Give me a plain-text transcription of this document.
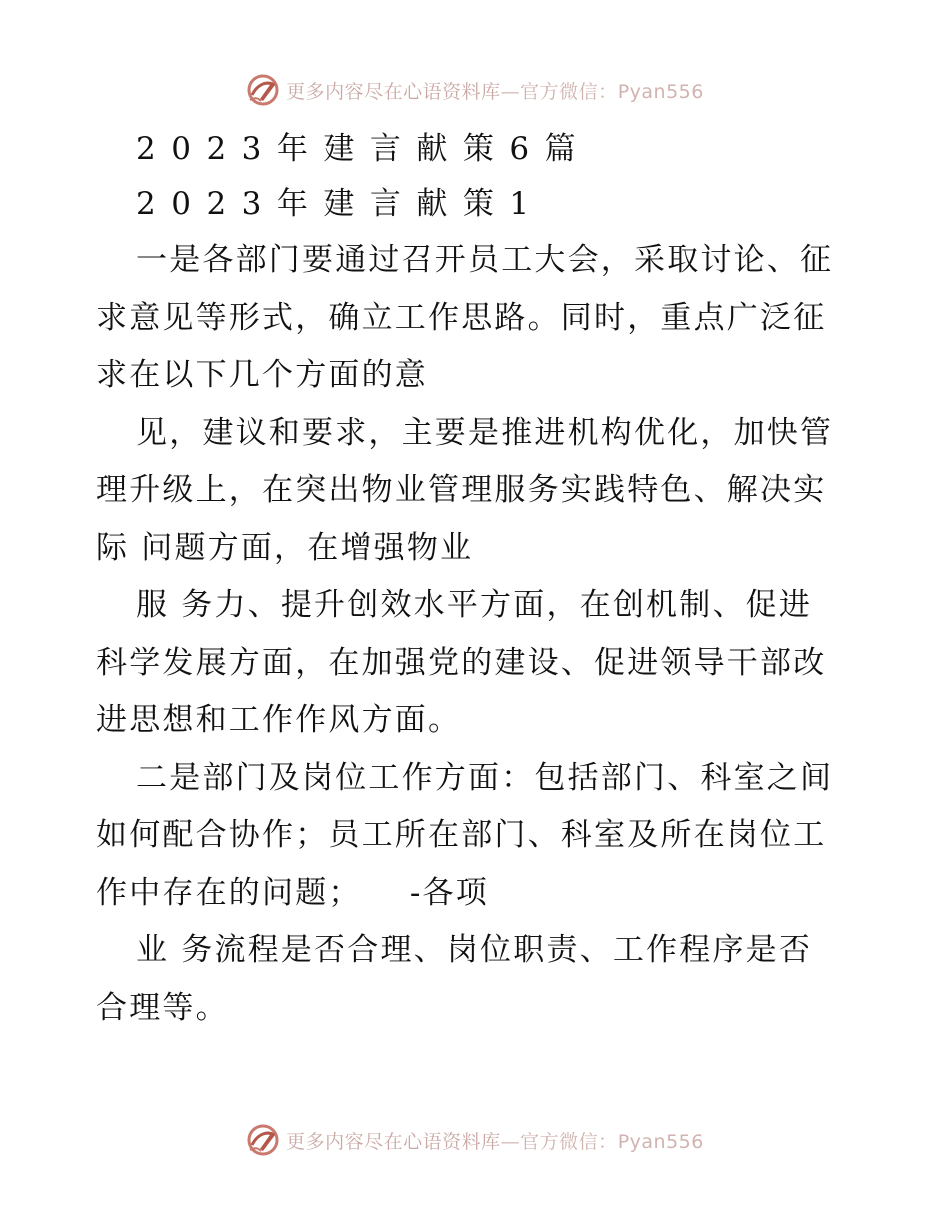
更多内容尽在心语资料库—官方微信：Pyan556
2023年建言献策6篇
2023年建言献策1
一是各部门要通过召开员工大会，采取讨论、征
求意见等形式，确立工作思路。同时，重点广泛征
求在以下几个方面的意
见，建议和要求，主要是推进机构优化，加快管
理升级上，在突出物业管理服务实践特色、解决实
际 问题方面，在增强物业
服 务力、提升创效水平方面，在创机制、促进
科学发展方面，在加强党的建设、促进领导干部改
进思想和工作作风方面。
二是部门及岗位工作方面：包括部门、科室之间
如何配合协作；员工所在部门、科室及所在岗位工
作中存在的问题；    -各项
业 务流程是否合理、岗位职责、工作程序是否
合理等。
更多内容尽在心语资料库—官方微信：Pyan556
